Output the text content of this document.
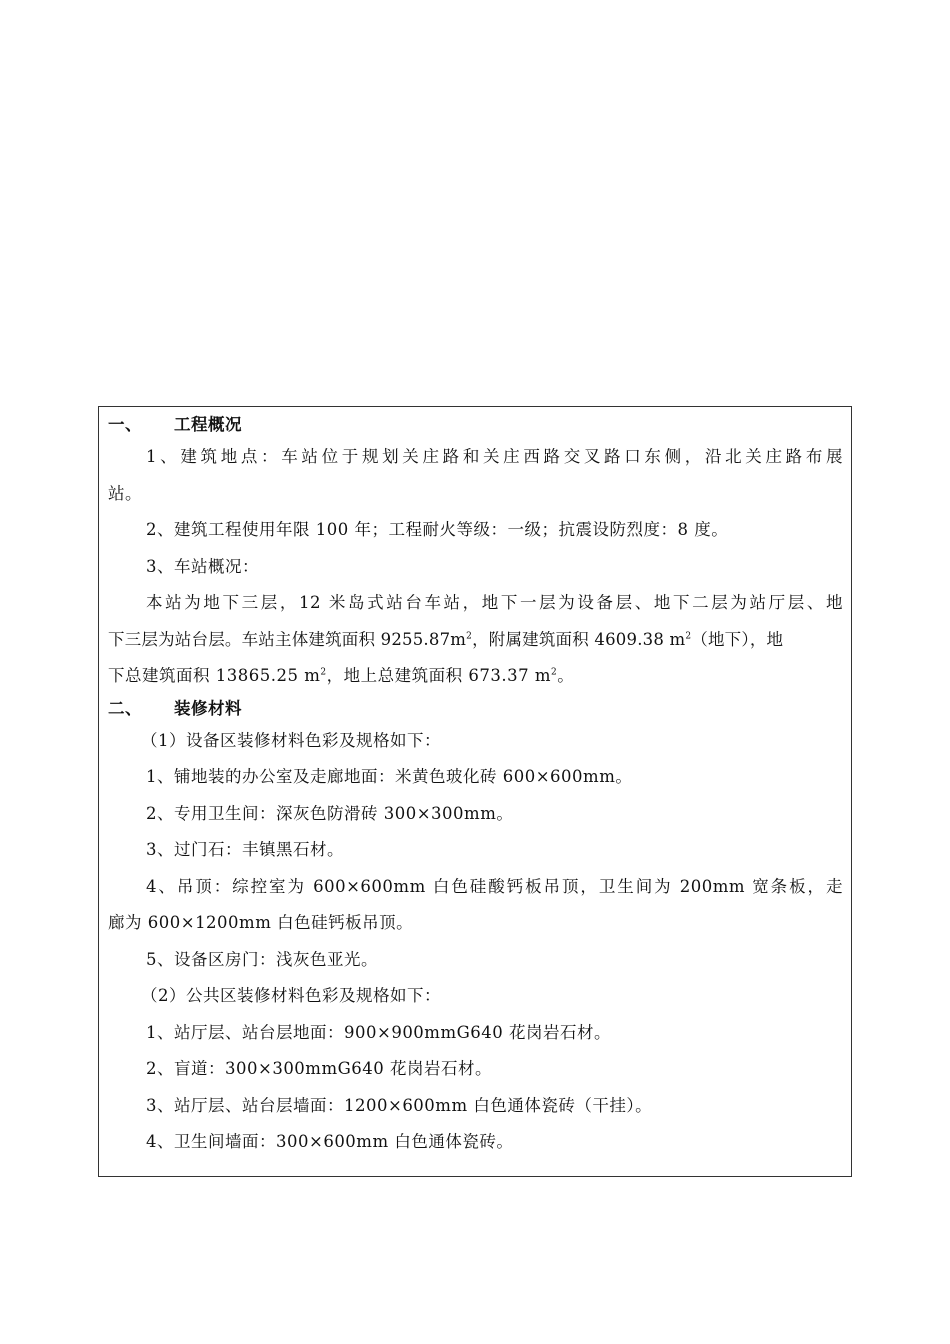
一、 工程概况
1、建筑地点：车站位于规划关庄路和关庄西路交叉路口东侧，沿北关庄路布展
站。
2、建筑工程使用年限 100 年；工程耐火等级：一级；抗震设防烈度：8 度。
3、车站概况：
本站为地下三层，12 米岛式站台车站，地下一层为设备层、地下二层为站厅层、地
下三层为站台层。车站主体建筑面积 $9255.87m^2$，附属建筑面积 4609.38 $m^2$（地下），地
下总建筑面积 13865.25 $m^2$，地上总建筑面积 673.37 $m^2$。
二、 装修材料
（1）设备区装修材料色彩及规格如下：
1、铺地装的办公室及走廊地面：米黄色玻化砖 600×600mm。
2、专用卫生间：深灰色防滑砖 300×300mm。
3、过门石：丰镇黑石材。
4、吊顶：综控室为 600×600mm 白色硅酸钙板吊顶，卫生间为 200mm 宽条板，走
廊为 600×1200mm 白色硅钙板吊顶。
5、设备区房门：浅灰色亚光。
（2）公共区装修材料色彩及规格如下：
1、站厅层、站台层地面：900×900mmG640 花岗岩石材。
2、盲道：300×300mmG640 花岗岩石材。
3、站厅层、站台层墙面：1200×600mm 白色通体瓷砖（干挂）。
4、卫生间墙面：300×600mm 白色通体瓷砖。
